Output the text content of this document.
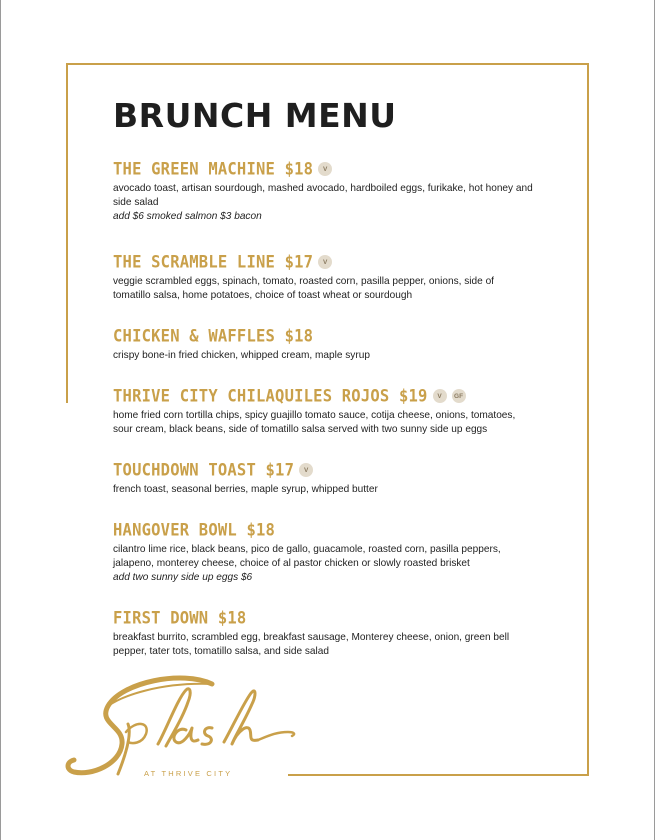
BRUNCH MENU
THE GREEN MACHINE $18	V
avocado toast, artisan sourdough, mashed avocado, hardboiled eggs, furikake, hot honey and side salad
add $6 smoked salmon $3 bacon
THE SCRAMBLE LINE $17	V
veggie scrambled eggs, spinach, tomato, roasted corn, pasilla pepper, onions, side of tomatillo salsa, home potatoes, choice of toast wheat or sourdough
CHICKEN & WAFFLES $18
crispy bone-in fried chicken, whipped cream, maple syrup
THRIVE CITY CHILAQUILES ROJOS $19	V	GF
home fried corn tortilla chips, spicy guajillo tomato sauce, cotija cheese, onions, tomatoes, sour cream, black beans, side of tomatillo salsa served with two sunny side up eggs
TOUCHDOWN TOAST $17	V
french toast, seasonal berries, maple syrup, whipped butter
HANGOVER BOWL $18
cilantro lime rice, black beans, pico de gallo, guacamole, roasted corn, pasilla peppers, jalapeno, monterey cheese, choice of al pastor chicken or slowly roasted brisket
add two sunny side up eggs $6
FIRST DOWN $18
breakfast burrito, scrambled egg, breakfast sausage, Monterey cheese, onion, green bell pepper, tater tots, tomatillo salsa, and side salad
AT THRIVE CITY
